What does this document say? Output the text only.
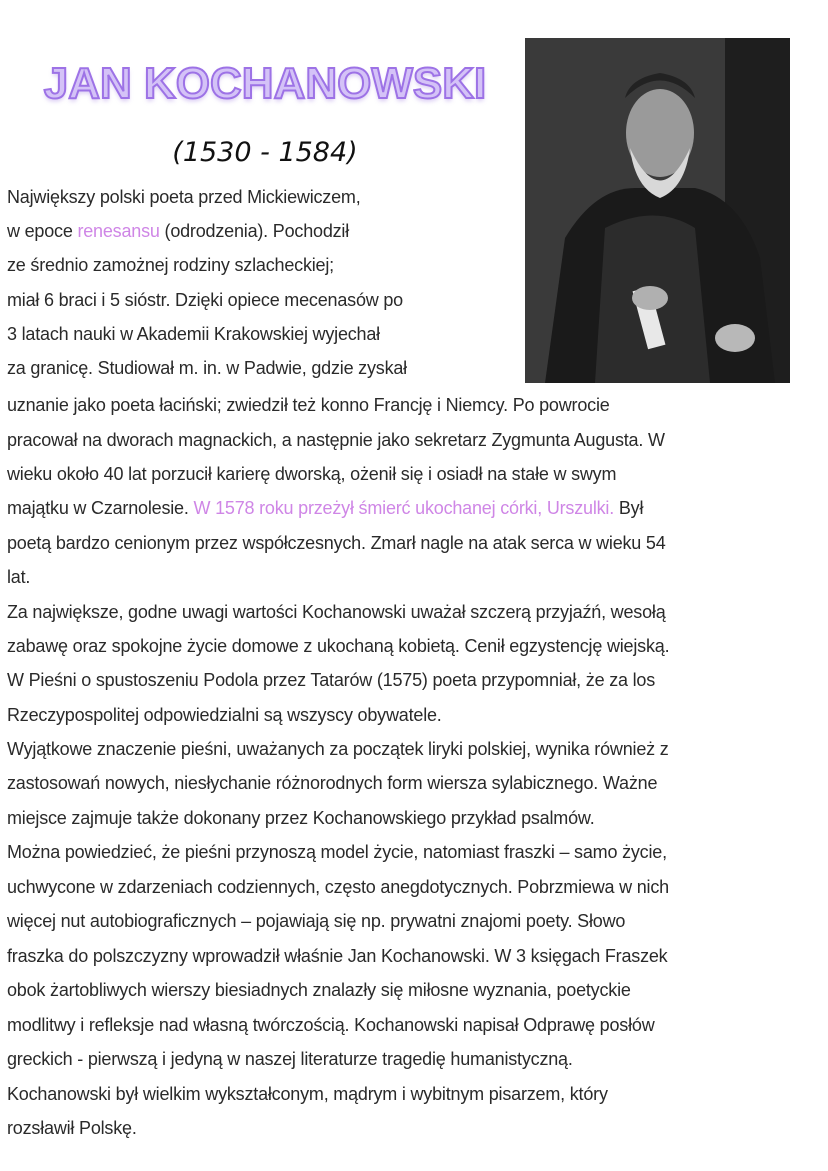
JAN KOCHANOWSKI
(1530 - 1584)
Największy polski poeta przed Mickiewiczem,
w epoce renesansu (odrodzenia). Pochodził
ze średnio zamożnej rodziny szlacheckiej;
miał 6 braci i 5 sióstr. Dzięki opiece mecenasów po
3 latach nauki w Akademii Krakowskiej wyjechał
za granicę. Studiował m. in. w Padwie, gdzie zyskał
uznanie jako poeta łaciński; zwiedził też konno Francję i Niemcy. Po powrocie
pracował na dworach magnackich, a następnie jako sekretarz Zygmunta Augusta. W
wieku około 40 lat porzucił karierę dworską, ożenił się i osiadł na stałe w swym
majątku w Czarnolesie. W 1578 roku przeżył śmierć ukochanej córki, Urszulki. Był
poetą bardzo cenionym przez współczesnych. Zmarł nagle na atak serca w wieku 54
lat.
Za największe, godne uwagi wartości Kochanowski uważał szczerą przyjaźń, wesołą
zabawę oraz spokojne życie domowe z ukochaną kobietą. Cenił egzystencję wiejską.
W Pieśni o spustoszeniu Podola przez Tatarów (1575) poeta przypomniał, że za los
Rzeczypospolitej odpowiedzialni są wszyscy obywatele.
Wyjątkowe znaczenie pieśni, uważanych za początek liryki polskiej, wynika również z
zastosowań nowych, niesłychanie różnorodnych form wiersza sylabicznego. Ważne
miejsce zajmuje także dokonany przez Kochanowskiego przykład psalmów.
Można powiedzieć, że pieśni przynoszą model życie, natomiast fraszki – samo życie,
uchwycone w zdarzeniach codziennych, często anegdotycznych. Pobrzmiewa w nich
więcej nut autobiograficznych – pojawiają się np. prywatni znajomi poety. Słowo
fraszka do polszczyzny wprowadził właśnie Jan Kochanowski. W 3 księgach Fraszek
obok żartobliwych wierszy biesiadnych znalazły się miłosne wyznania, poetyckie
modlitwy i refleksje nad własną twórczością. Kochanowski napisał Odprawę posłów
greckich - pierwszą i jedyną w naszej literaturze tragedię humanistyczną.
Kochanowski był wielkim wykształconym, mądrym i wybitnym pisarzem, który
rozsławił Polskę.
